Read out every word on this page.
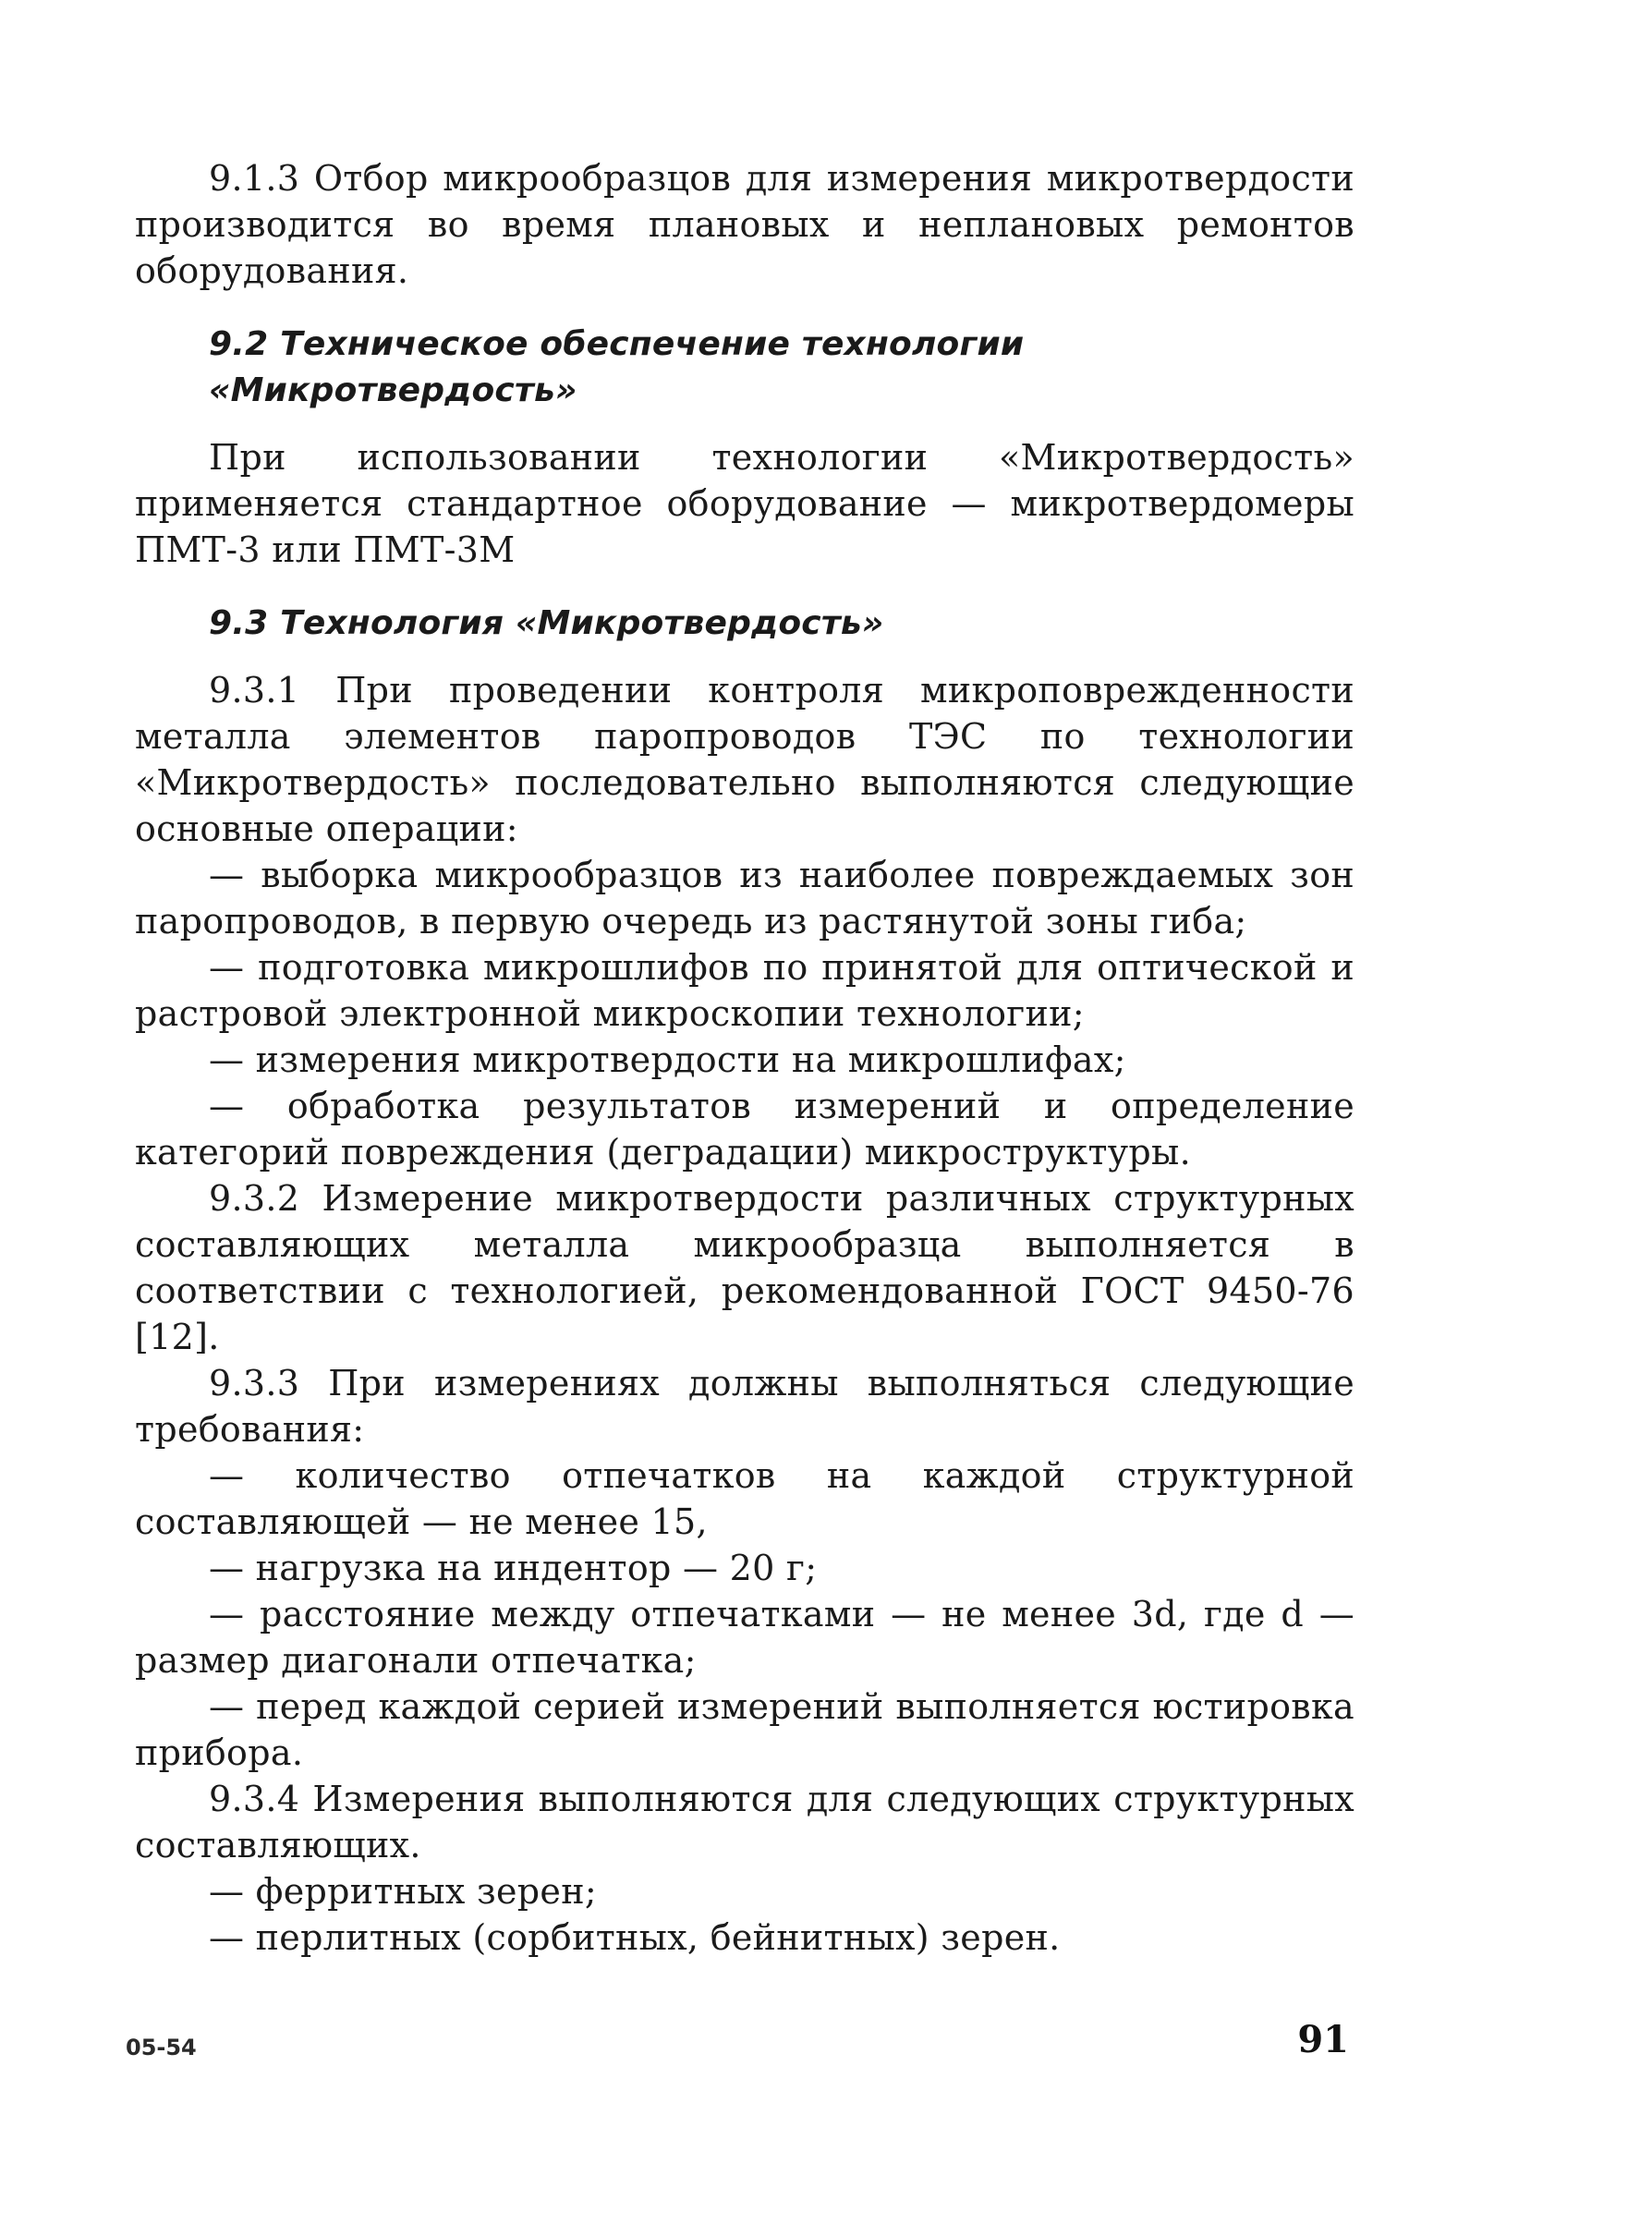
9.1.3 Отбор микрообразцов для измерения микротвердости производится во время плановых и неплановых ремонтов оборудования.

9.2 Техническое обеспечение технологии
«Микротвердость»

При использовании технологии «Микротвердость» применяется стандартное оборудование — микротвердомеры ПМТ-3 или ПМТ-3М

9.3 Технология «Микротвердость»

9.3.1 При проведении контроля микроповрежденности металла элементов паропроводов ТЭС по технологии «Микротвердость» последовательно выполняются следующие основные операции:

— выборка микрообразцов из наиболее повреждаемых зон паропроводов, в первую очередь из растянутой зоны гиба;

— подготовка микрошлифов по принятой для оптической и растровой электронной микроскопии технологии;

— измерения микротвердости на микрошлифах;

— обработка результатов измерений и определение категорий повреждения (деградации) микроструктуры.

9.3.2 Измерение микротвердости различных структурных составляющих металла микрообразца выполняется в соответствии с технологией, рекомендованной ГОСТ 9450-76 [12].

9.3.3 При измерениях должны выполняться следующие требования:

— количество отпечатков на каждой структурной составляющей — не менее 15,

— нагрузка на индентор — 20 г;

— расстояние между отпечатками — не менее 3d, где d — размер диагонали отпечатка;

— перед каждой серией измерений выполняется юстировка прибора.

9.3.4 Измерения выполняются для следующих структурных составляющих.

— ферритных зерен;

— перлитных (сорбитных, бейнитных) зерен.

05-54	91
